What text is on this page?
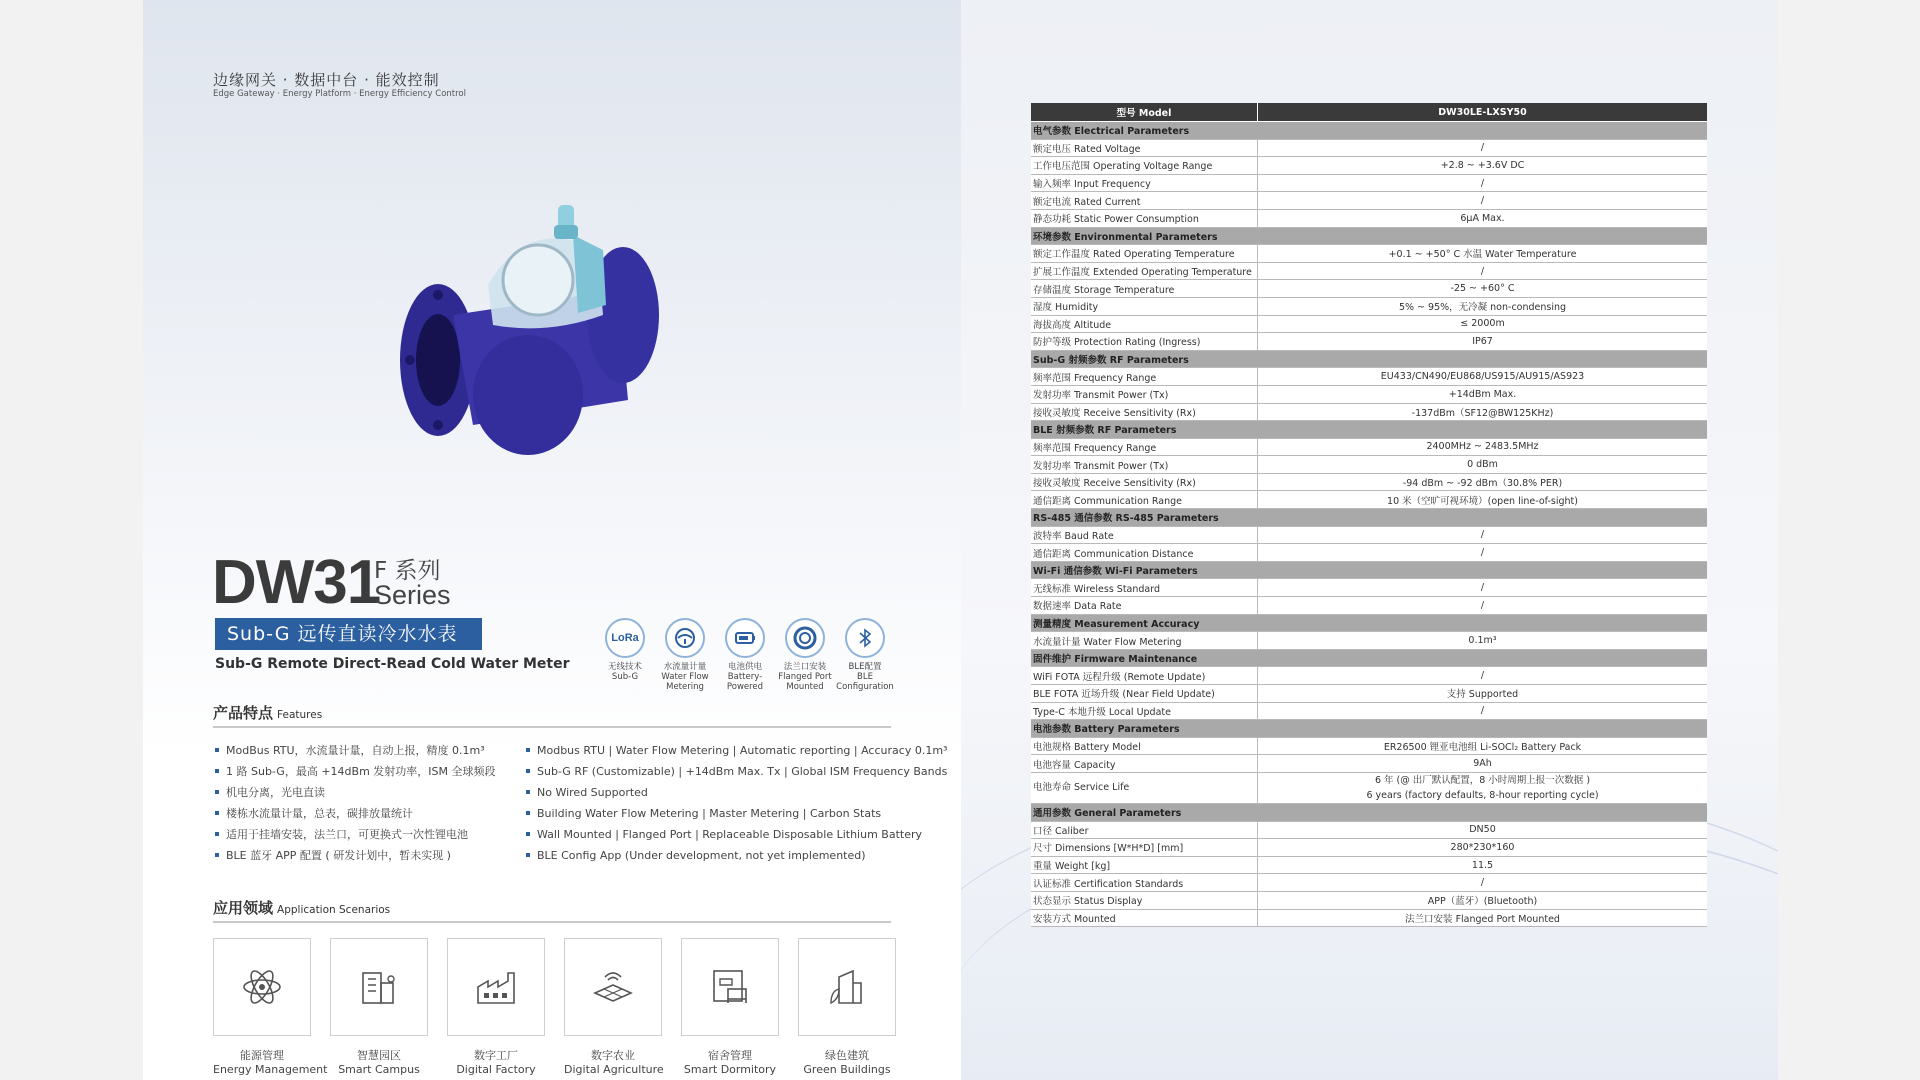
边缘网关 · 数据中台 · 能效控制
Edge Gateway · Energy Platform · Energy Efficiency Control
DW31
F 系列
Series
Sub-G 远传直读冷水水表
Sub-G Remote Direct-Read Cold Water Meter
LoRa
无线技术
Sub-G
水流量计量
Water Flow
Metering
电池供电
Battery-
Powered
法兰口安装
Flanged Port
Mounted
BLE配置
BLE
Configuration
产品特点 Features
ModBus RTU，水流量计量，自动上报，精度 0.1m³
1 路 Sub-G，最高 +14dBm 发射功率，ISM 全球频段
机电分离，光电直读
楼栋水流量计量，总表，碳排放量统计
适用于挂墙安装，法兰口，可更换式一次性锂电池
BLE 蓝牙 APP 配置 ( 研发计划中，暂未实现 )
Modbus RTU | Water Flow Metering | Automatic reporting | Accuracy 0.1m³
Sub-G RF (Customizable) | +14dBm Max. Tx | Global ISM Frequency Bands
No Wired Supported
Building Water Flow Metering | Master Metering | Carbon Stats
Wall Mounted | Flanged Port | Replaceable Disposable Lithium Battery
BLE Config App (Under development, not yet implemented)
应用领域 Application Scenarios
能源管理
Energy Management
智慧园区
Smart Campus
数字工厂
Digital Factory
数字农业
Digital Agriculture
宿舍管理
Smart Dormitory
绿色建筑
Green Buildings
型号 Model	DW30LE-LXSY50
电气参数 Electrical Parameters	
额定电压 Rated Voltage	/
工作电压范围 Operating Voltage Range	+2.8 ~ +3.6V DC
输入频率 Input Frequency	/
额定电流 Rated Current	/
静态功耗 Static Power Consumption	6μA Max.
环境参数 Environmental Parameters	
额定工作温度 Rated Operating Temperature	+0.1 ~ +50° C 水温 Water Temperature
扩展工作温度 Extended Operating Temperature	/
存储温度 Storage Temperature	-25 ~ +60° C
湿度 Humidity	5% ~ 95%，无冷凝 non-condensing
海拔高度 Altitude	≤ 2000m
防护等级 Protection Rating (Ingress)	IP67
Sub-G 射频参数 RF Parameters	
频率范围 Frequency Range	EU433/CN490/EU868/US915/AU915/AS923
发射功率 Transmit Power (Tx)	+14dBm Max.
接收灵敏度 Receive Sensitivity (Rx)	-137dBm（SF12@BW125KHz)
BLE 射频参数 RF Parameters	
频率范围 Frequency Range	2400MHz ~ 2483.5MHz
发射功率 Transmit Power (Tx)	0 dBm
接收灵敏度 Receive Sensitivity (Rx)	-94 dBm ~ -92 dBm（30.8% PER)
通信距离 Communication Range	10 米（空旷可视环境）(open line-of-sight)
RS-485 通信参数 RS-485 Parameters	
波特率 Baud Rate	/
通信距离 Communication Distance	/
Wi-Fi 通信参数 Wi-Fi Parameters	
无线标准 Wireless Standard	/
数据速率 Data Rate	/
测量精度 Measurement Accuracy	
水流量计量 Water Flow Metering	0.1m³
固件维护 Firmware Maintenance	
WiFi FOTA 远程升级 (Remote Update)	/
BLE FOTA 近场升级 (Near Field Update)	支持 Supported
Type-C 本地升级 Local Update	/
电池参数 Battery Parameters	
电池规格 Battery Model	ER26500 锂亚电池组 Li-SOCl₂ Battery Pack
电池容量 Capacity	9Ah
电池寿命 Service Life	6 年 (@ 出厂默认配置，8 小时周期上报一次数据 )
6 years (factory defaults, 8-hour reporting cycle)

通用参数 General Parameters	
口径 Caliber	DN50
尺寸 Dimensions [W*H*D] [mm]	280*230*160
重量 Weight [kg]	11.5
认证标准 Certification Standards	/
状态显示 Status Display	APP（蓝牙）(Bluetooth)
安装方式 Mounted	法兰口安装 Flanged Port Mounted
